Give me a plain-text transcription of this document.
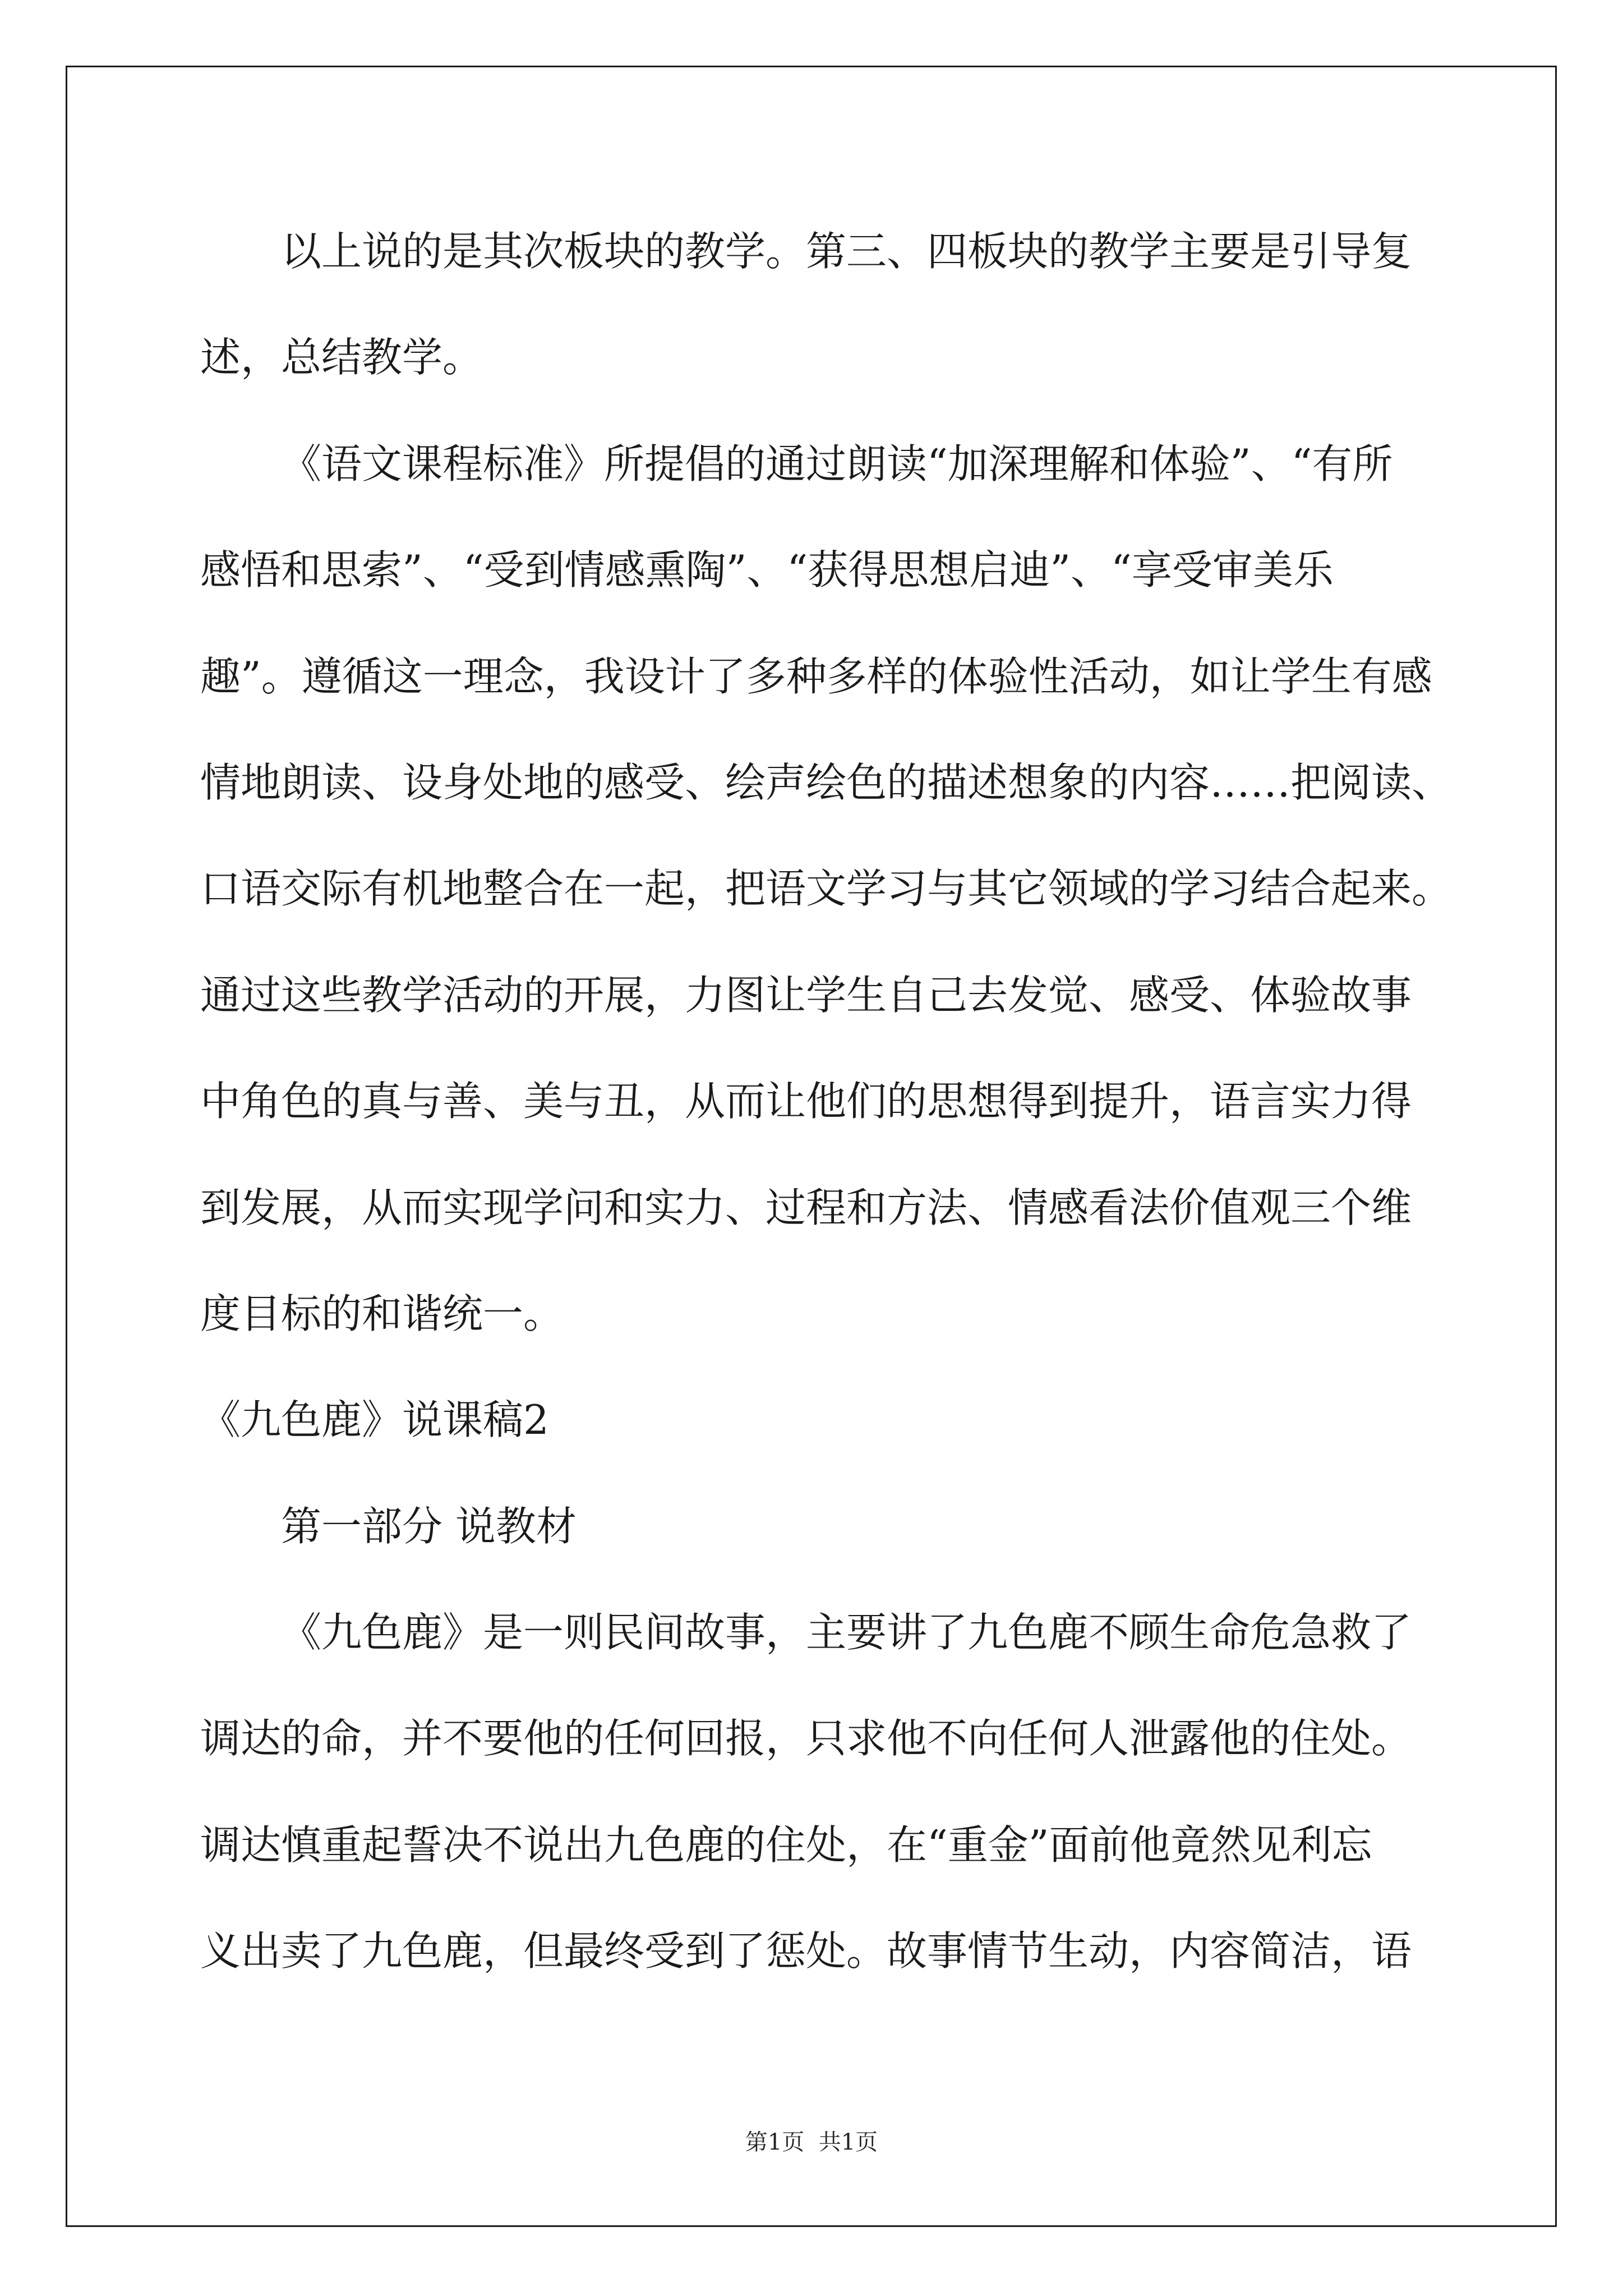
以上说的是其次板块的教学。第三、四板块的教学主要是引导复
述，总结教学。
《语文课程标准》所提倡的通过朗读“加深理解和体验”、“有所
感悟和思索”、“受到情感熏陶”、“获得思想启迪”、“享受审美乐
趣”。遵循这一理念，我设计了多种多样的体验性活动，如让学生有感
情地朗读、设身处地的感受、绘声绘色的描述想象的内容……把阅读、
口语交际有机地整合在一起，把语文学习与其它领域的学习结合起来。
通过这些教学活动的开展，力图让学生自己去发觉、感受、体验故事
中角色的真与善、美与丑，从而让他们的思想得到提升，语言实力得
到发展，从而实现学问和实力、过程和方法、情感看法价值观三个维
度目标的和谐统一。
《九色鹿》说课稿2
第一部分 说教材
《九色鹿》是一则民间故事，主要讲了九色鹿不顾生命危急救了
调达的命，并不要他的任何回报，只求他不向任何人泄露他的住处。
调达慎重起誓决不说出九色鹿的住处，在“重金”面前他竟然见利忘
义出卖了九色鹿，但最终受到了惩处。故事情节生动，内容简洁，语
第1页  共1页
